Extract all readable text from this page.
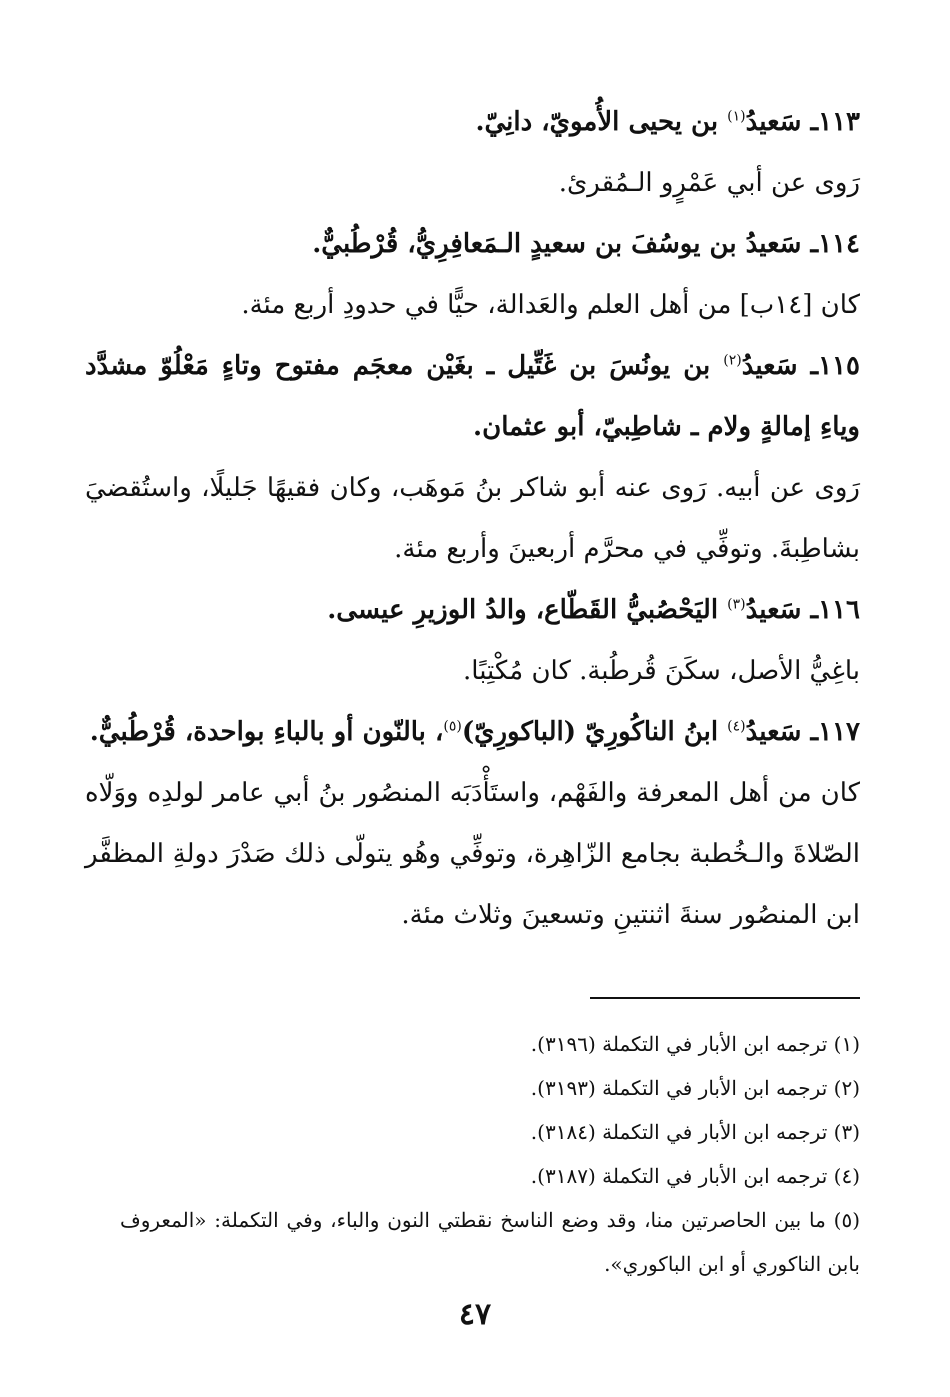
١١٣ـ سَعيدُ$^{(١)}$ بن يحيى الأُمويّ، دانِيّ.

رَوى عن أبي عَمْرٍو الـمُقرئ.

١١٤ـ سَعيدُ بن يوسُفَ بن سعيدٍ الـمَعافِرِيُّ، قُرْطُبيٌّ.

كان [١٤ب] من أهل العلم والعَدالة، حيًّا في حدودِ أربع مئة.

١١٥ـ سَعيدُ$^{(٢)}$ بن يونُسَ بن غَتِّيل ـ بغَيْن معجَم مفتوح وتاءٍ مَعْلُوّ مشدَّد وياءِ إمالةٍ ولام ـ شاطِبيّ، أبو عثمان.

رَوى عن أبيه. رَوى عنه أبو شاكر بنُ مَوهَب، وكان فقيهًا جَليلًا، واستُقضيَ بشاطِبةَ. وتوفِّي في محرَّم أربعينَ وأربع مئة.

١١٦ـ سَعيدُ$^{(٣)}$ اليَحْصُبيُّ القَطّاع، والدُ الوزيرِ عيسى.

باغِيُّ الأصل، سكَنَ قُرطُبة. كان مُكْتِبًا.

١١٧ـ سَعيدُ$^{(٤)}$ ابنُ الناكُورِيّ (الباكورِيّ)$^{(٥)}$، بالنّون أو بالباءِ بواحدة، قُرْطُبيٌّ.

كان من أهل المعرفة والفَهْم، واستَأْدَبَه المنصُور بنُ أبي عامر لولدِه ووَلّاه الصّلاةَ والـخُطبة بجامع الزّاهِرة، وتوفِّي وهُو يتولّى ذلك صَدْرَ دولةِ المظفَّر ابن المنصُور سنةَ اثنتينِ وتسعينَ وثلاث مئة.

(١) ترجمه ابن الأبار في التكملة (٣١٩٦).

(٢) ترجمه ابن الأبار في التكملة (٣١٩٣).

(٣) ترجمه ابن الأبار في التكملة (٣١٨٤).

(٤) ترجمه ابن الأبار في التكملة (٣١٨٧).

(٥) ما بين الحاصرتين منا، وقد وضع الناسخ نقطتي النون والباء، وفي التكملة: «المعروف بابن الناكوري أو ابن الباكوري».

٤٧
